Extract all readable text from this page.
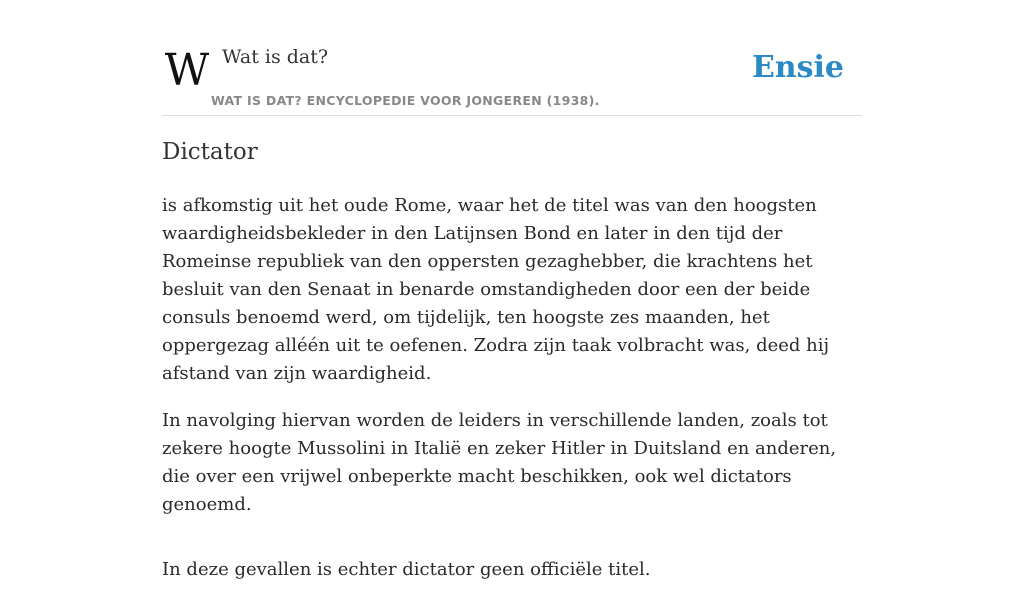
W Wat is dat?
WAT IS DAT? ENCYCLOPEDIE VOOR JONGEREN (1938).
Ensie
Dictator

is afkomstig uit het oude Rome, waar het de titel was van den hoogsten waardigheidsbekleder in den Latijnsen Bond en later in den tijd der Romeinse republiek van den oppersten gezaghebber, die krachtens het besluit van den Senaat in benarde omstandigheden door een der beide consuls benoemd werd, om tijdelijk, ten hoogste zes maanden, het oppergezag alléén uit te oefenen. Zodra zijn taak volbracht was, deed hij afstand van zijn waardigheid.

In navolging hiervan worden de leiders in verschillende landen, zoals tot zekere hoogte Mussolini in Italië en zeker Hitler in Duitsland en anderen, die over een vrijwel onbeperkte macht beschikken, ook wel dictators genoemd.

In deze gevallen is echter dictator geen officiële titel.
